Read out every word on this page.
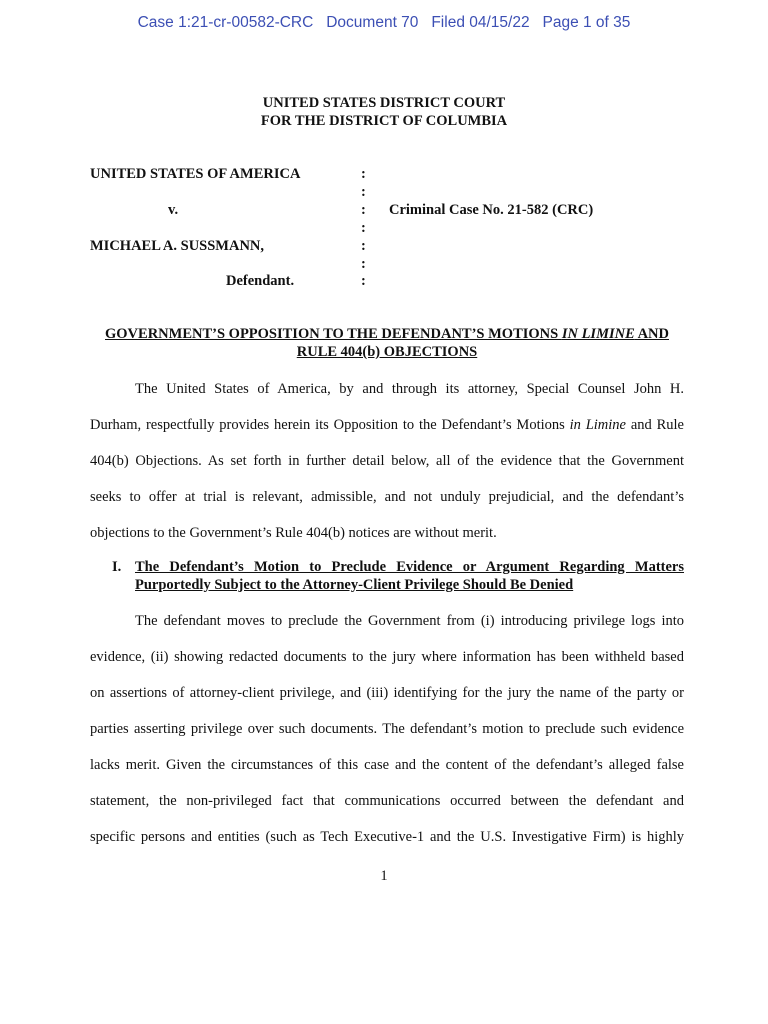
Case 1:21-cr-00582-CRC   Document 70   Filed 04/15/22   Page 1 of 35
UNITED STATES DISTRICT COURT
FOR THE DISTRICT OF COLUMBIA
UNITED STATES OF AMERICA
v.
MICHAEL A. SUSSMANN,
Defendant.
:
:
:
:
:
:
:
Criminal Case No. 21-582 (CRC)
GOVERNMENT’S OPPOSITION TO THE DEFENDANT’S MOTIONS IN LIMINE AND
RULE 404(b) OBJECTIONS
The United States of America, by and through its attorney, Special Counsel John H.
Durham, respectfully provides herein its Opposition to the Defendant’s Motions in Limine and Rule
404(b) Objections. As set forth in further detail below, all of the evidence that the Government
seeks to offer at trial is relevant, admissible, and not unduly prejudicial, and the defendant’s
objections to the Government’s Rule 404(b) notices are without merit.
I. The Defendant’s Motion to Preclude Evidence or Argument Regarding Matters
Purportedly Subject to the Attorney-Client Privilege Should Be Denied
The defendant moves to preclude the Government from (i) introducing privilege logs into
evidence, (ii) showing redacted documents to the jury where information has been withheld based
on assertions of attorney-client privilege, and (iii) identifying for the jury the name of the party or
parties asserting privilege over such documents. The defendant’s motion to preclude such evidence
lacks merit. Given the circumstances of this case and the content of the defendant’s alleged false
statement, the non-privileged fact that communications occurred between the defendant and
specific persons and entities (such as Tech Executive-1 and the U.S. Investigative Firm) is highly
1
